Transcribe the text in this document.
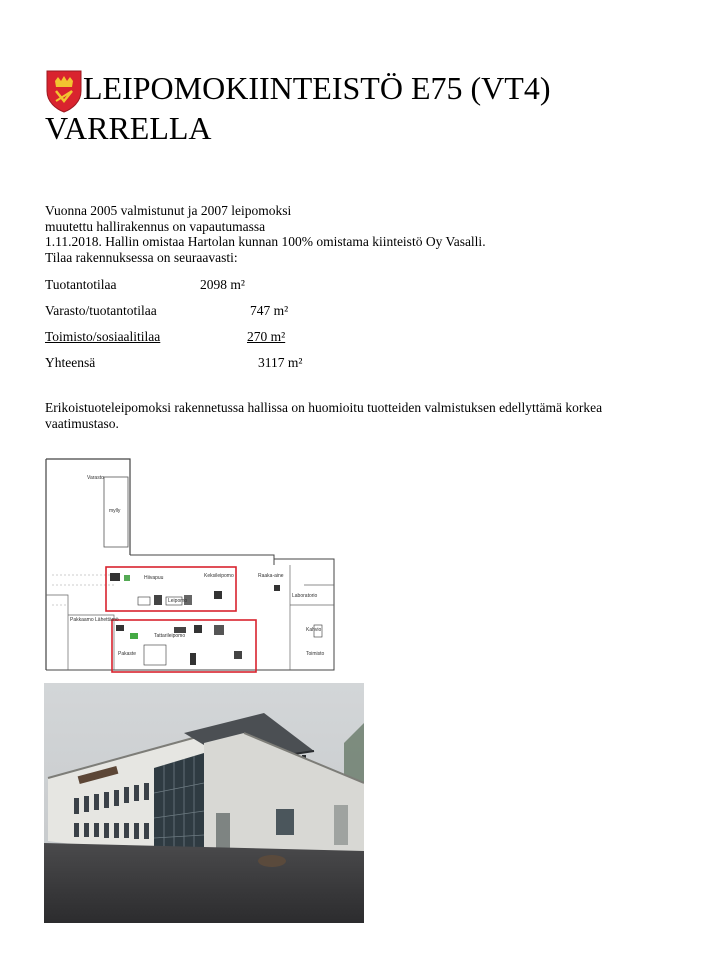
LEIPOMOKIINTEISTÖ E75 (VT4)
VARRELLA
Vuonna 2005 valmistunut ja 2007 leipomoksi
muutettu hallirakennus on vapautumassa
1.11.2018. Hallin omistaa Hartolan kunnan 100% omistama kiinteistö Oy Vasalli.
Tilaa rakennuksessa on seuraavasti:
Tuotantotilaa	2098 m²
Varasto/tuotantotilaa	747 m²
Toimisto/sosiaalitilaa	270 m²
Yhteensä	3117 m²
Erikoistuoteleipomoksi rakennetussa hallissa on huomioitu tuotteiden valmistuksen edellyttämä korkea vaatimustaso.
Varasto
mylly
Pakkaamo Lähettämö
Leipomo
Hiivapuu
Tattarileipomo
Pakaste
Keksileipomo	Raaka-aine
Kahvio
Toimisto
Laboratorio
